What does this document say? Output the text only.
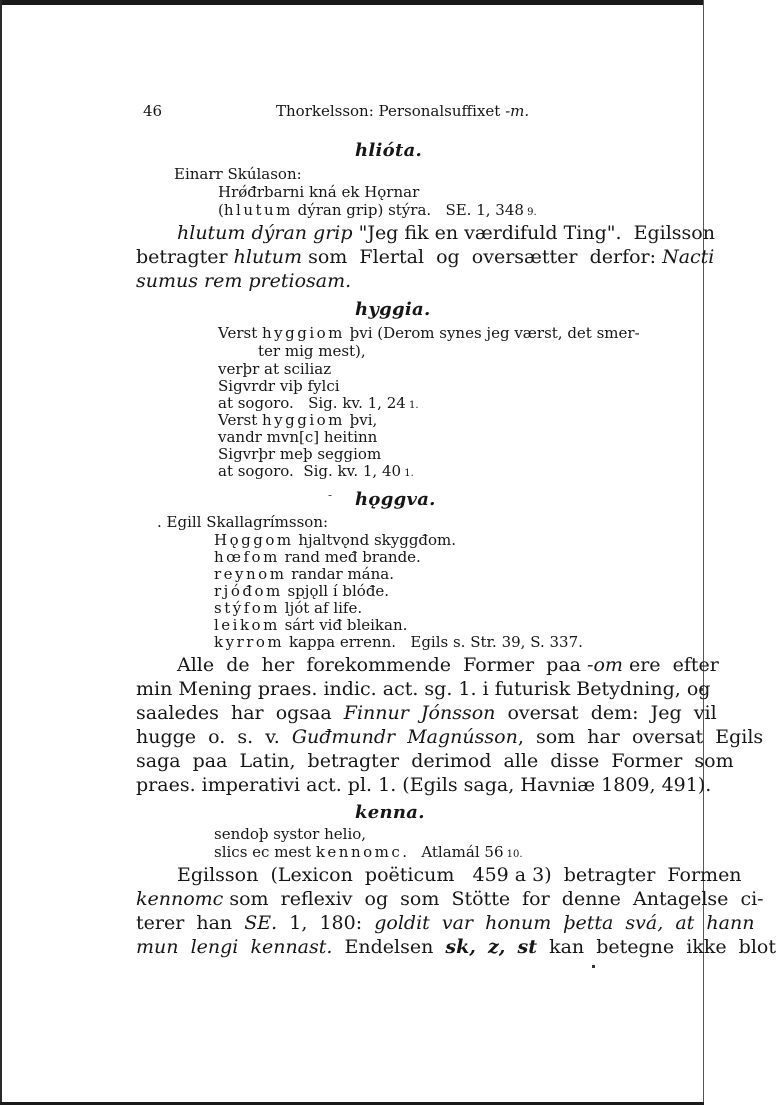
46	Thorkelsson: Personalsuffixet -m.
hlióta.
Einarr Skúlason:
Hrǿđrbarni kná ek Hǫrnar
(hlutum dýran grip) stýra.   SE. 1, 348 9.
hlutum dýran grip "Jeg fik en værdifuld Ting".  Egilsson
betragter hlutum som  Flertal  og  oversætter  derfor: Nacti
sumus rem pretiosam.
hyggia.
Verst hyggiom þvi (Derom synes jeg værst, det smer-
ter mig mest),
verþr at sciliaz
Sigvrdr viþ fylci
at sogoro.   Sig. kv. 1, 24 1.
Verst hyggiom þvi,
vandr mvn[c] heitinn
Sigvrþr meþ seggiom
at sogoro.  Sig. kv. 1, 40 1.
- hǫggva.
. Egill Skallagrímsson:
Hǫggom hjaltvǫnd skyggđom.
hœfom rand međ brande.
reynom randar mána.
rjóđom spjǫll í blóđe.
stýfom ljót af life.
leikom sárt viđ bleikan.
kyrrom kappa errenn.   Egils s. Str. 39, S. 337.
Alle  de  her  forekommende  Former  paa -om ere  efter
min Mening praes. indic. act. sg. 1. i futurisk Betydning, og
saaledes  har  ogsaa  Finnur  Jónsson  oversat  dem:  Jeg  vil
hugge  o.  s.  v.  Guđmundr  Magnússon,  som  har  oversat  Egils
saga  paa  Latin,  betragter  derimod  alle  disse  Former  som
praes. imperativi act. pl. 1. (Egils saga, Havniæ 1809, 491).
kenna.
sendoþ systor helio,
slics ec mest kennomc.   Atlamál 56 10.
Egilsson  (Lexicon  poëticum   459 a 3)  betragter  Formen
kennomc som  reflexiv  og  som  Stötte  for  denne  Antagelse  ci-
terer  han  SE.  1,  180:  goldit  var  honum  þetta  svá,  at  hann
mun  lengi  kennast.  Endelsen  sk, z, st  kan  betegne  ikke  blot
